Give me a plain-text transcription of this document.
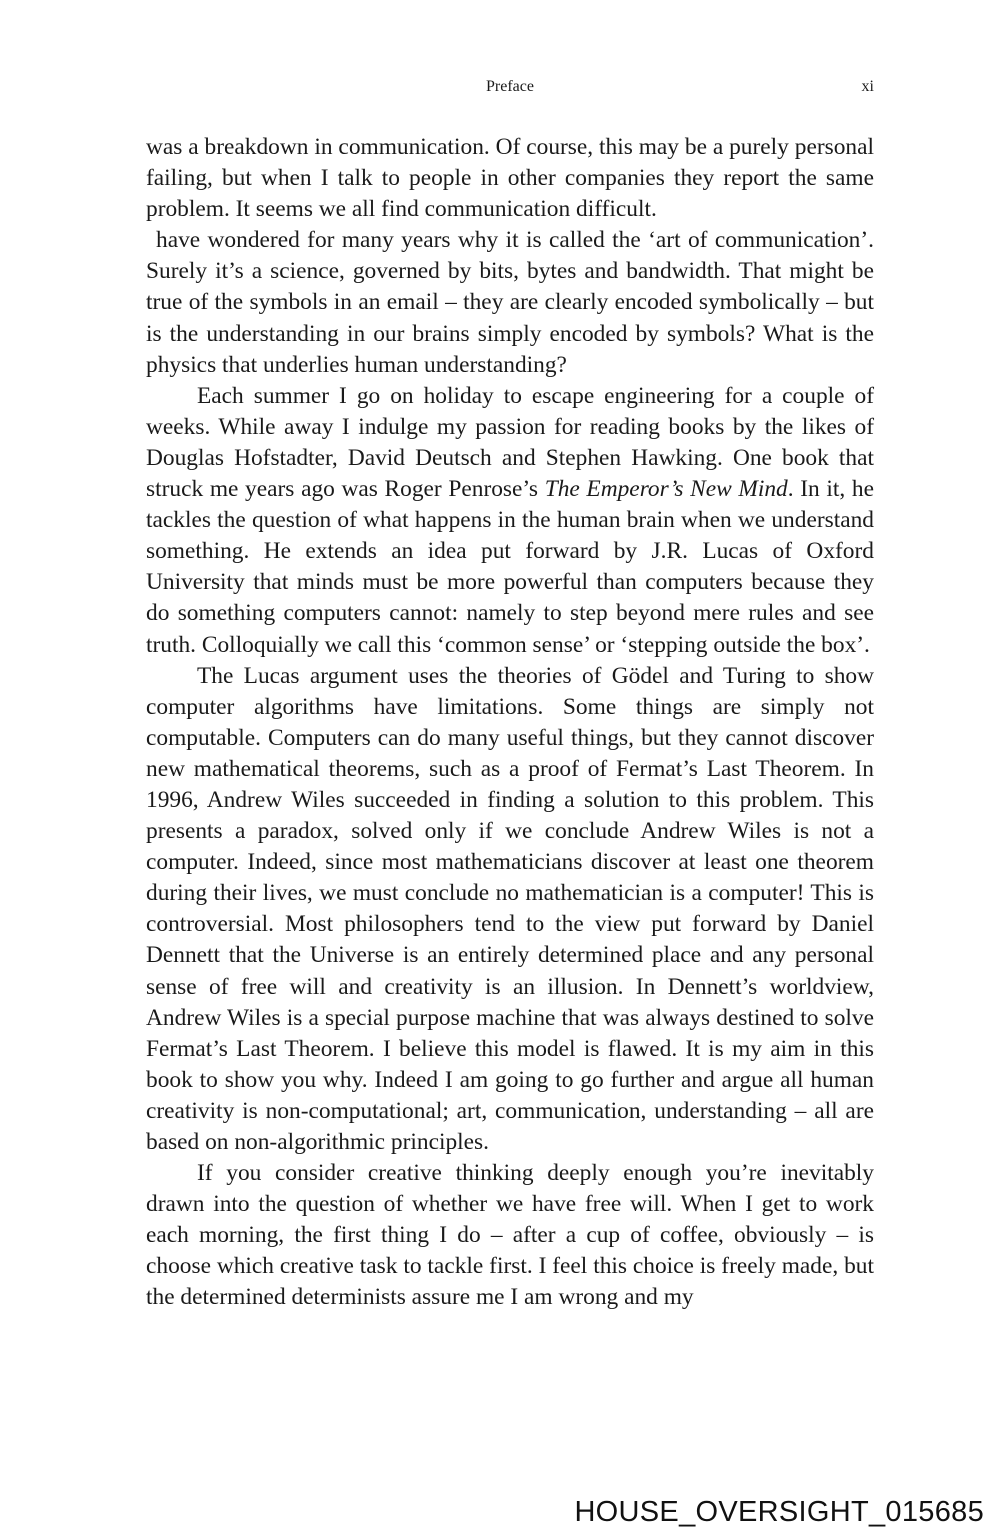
Preface	xi

was a breakdown in communication. Of course, this may be a purely personal failing, but when I talk to people in other companies they report the same problem. It seems we all find communication difficult.

have wondered for many years why it is called the ‘art of communication’. Surely it’s a science, governed by bits, bytes and bandwidth. That might be true of the symbols in an email – they are clearly encoded symbolically – but is the understanding in our brains simply encoded by symbols? What is the physics that underlies human understanding?

Each summer I go on holiday to escape engineering for a couple of weeks. While away I indulge my passion for reading books by the likes of Douglas Hofstadter, David Deutsch and Stephen Hawking. One book that struck me years ago was Roger Penrose’s The Emperor’s New Mind. In it, he tackles the question of what happens in the human brain when we understand something. He extends an idea put forward by J.R. Lucas of Oxford University that minds must be more powerful than computers because they do something computers cannot: namely to step beyond mere rules and see truth. Colloquially we call this ‘common sense’ or ‘stepping outside the box’.

The Lucas argument uses the theories of Gödel and Turing to show computer algorithms have limitations. Some things are simply not computable. Computers can do many useful things, but they cannot discover new mathematical theorems, such as a proof of Fermat’s Last Theorem. In 1996, Andrew Wiles succeeded in finding a solution to this problem. This presents a paradox, solved only if we conclude Andrew Wiles is not a computer. Indeed, since most mathematicians discover at least one theorem during their lives, we must conclude no mathematician is a computer! This is controversial. Most philosophers tend to the view put forward by Daniel Dennett that the Universe is an entirely determined place and any personal sense of free will and creativity is an illusion. In Dennett’s worldview, Andrew Wiles is a special purpose machine that was always destined to solve Fermat’s Last Theorem. I believe this model is flawed. It is my aim in this book to show you why. Indeed I am going to go further and argue all human creativity is non-computational; art, communication, understanding – all are based on non-algorithmic principles.

If you consider creative thinking deeply enough you’re inevitably drawn into the question of whether we have free will. When I get to work each morning, the first thing I do – after a cup of coffee, obviously – is choose which creative task to tackle first. I feel this choice is freely made, but the determined determinists assure me I am wrong and my

HOUSE_OVERSIGHT_015685
